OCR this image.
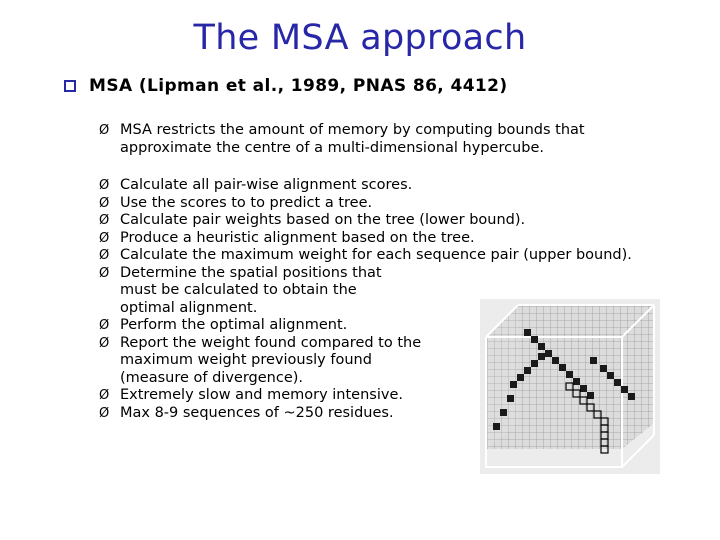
The MSA approach
MSA (Lipman et al., 1989, PNAS 86, 4412)
Ø MSA restricts the amount of memory by computing bounds that approximate the centre of a multi-dimensional hypercube.
Ø Calculate all pair-wise alignment scores.
Ø Use the scores to to predict a tree.
Ø Calculate pair weights based on the tree (lower bound).
Ø Produce a heuristic alignment based on the tree.
Ø Calculate the maximum weight for each sequence pair (upper bound).
Ø Determine the spatial positions that must be calculated to obtain the optimal alignment.
Ø Perform the optimal alignment.
Ø Report the weight found compared to the maximum weight previously found (measure of divergence).
Ø Extremely slow and memory intensive.
Ø Max 8-9 sequences of ~250 residues.
